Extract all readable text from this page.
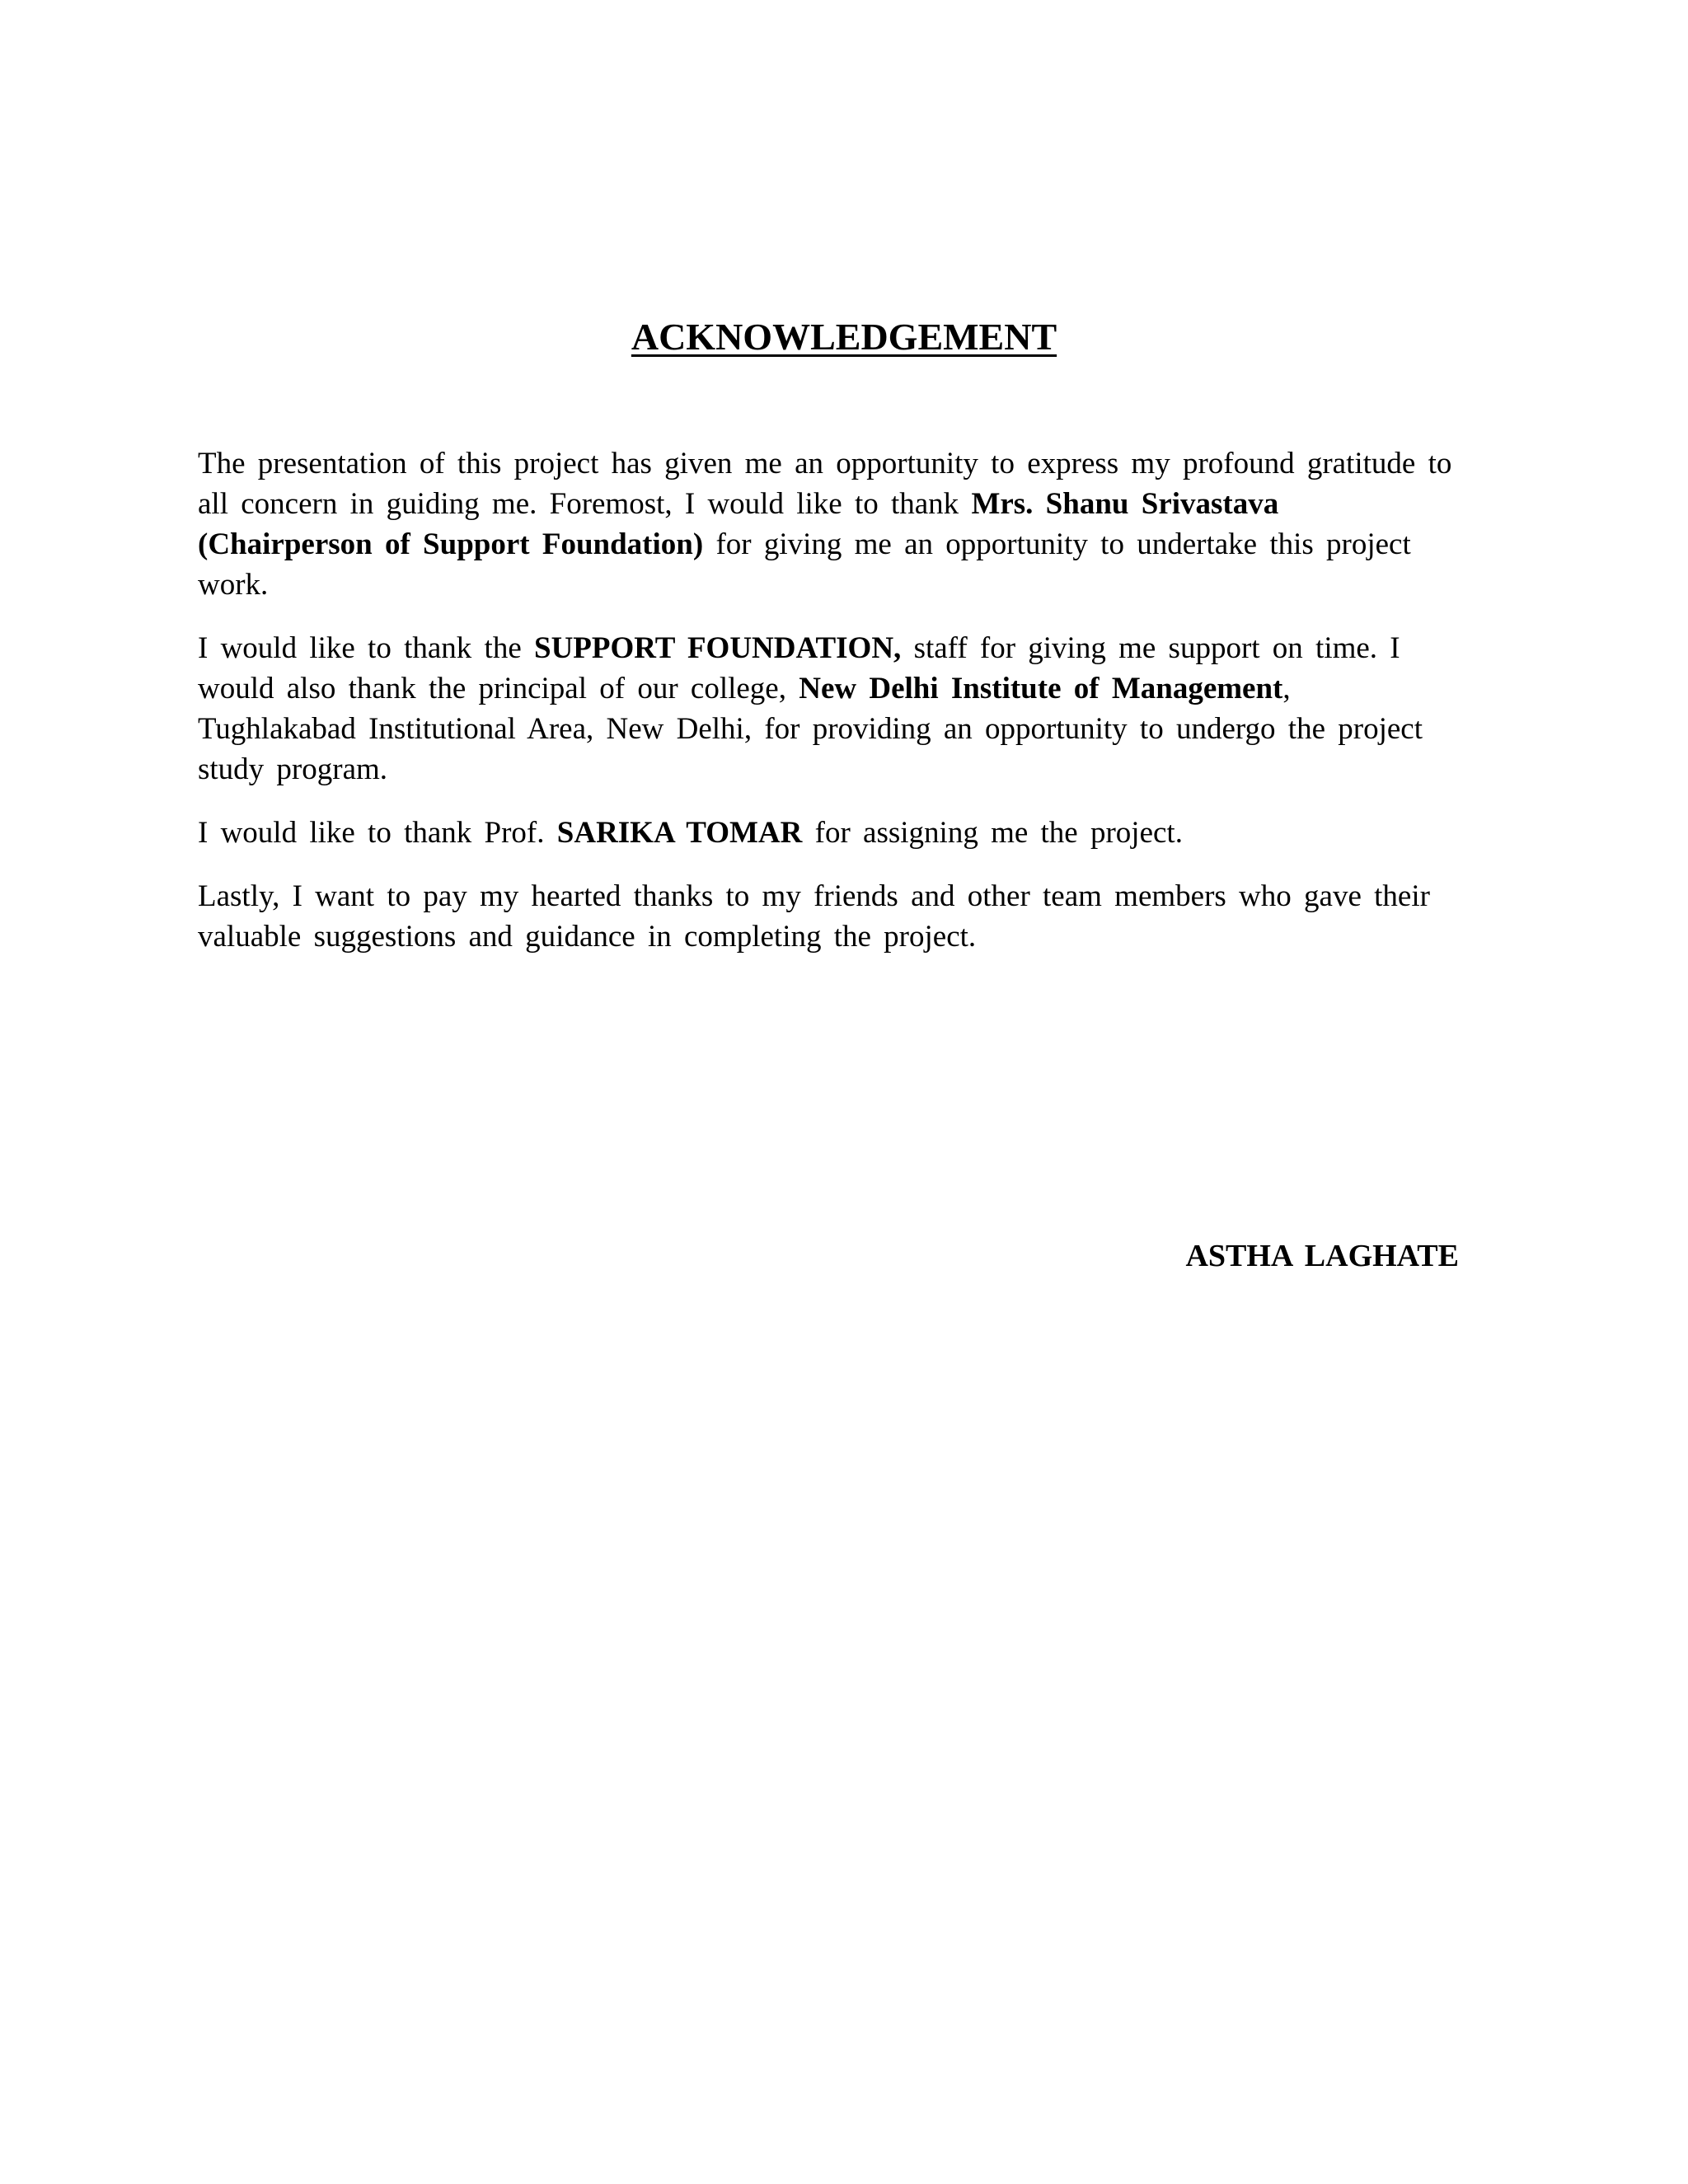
ACKNOWLEDGEMENT
The presentation of this project has given me an opportunity to express my profound gratitude to
all concern in guiding me. Foremost, I would like to thank Mrs. Shanu Srivastava
(Chairperson of Support Foundation) for giving me an opportunity to undertake this project
work.
I would like to thank the SUPPORT FOUNDATION, staff for giving me support on time. I
would also thank the principal of our college, New Delhi Institute of Management,
Tughlakabad Institutional Area, New Delhi, for providing an opportunity to undergo the project
study program.
I would like to thank Prof. SARIKA TOMAR for assigning me the project.
Lastly, I want to pay my hearted thanks to my friends and other team members who gave their
valuable suggestions and guidance in completing the project.
ASTHA LAGHATE
